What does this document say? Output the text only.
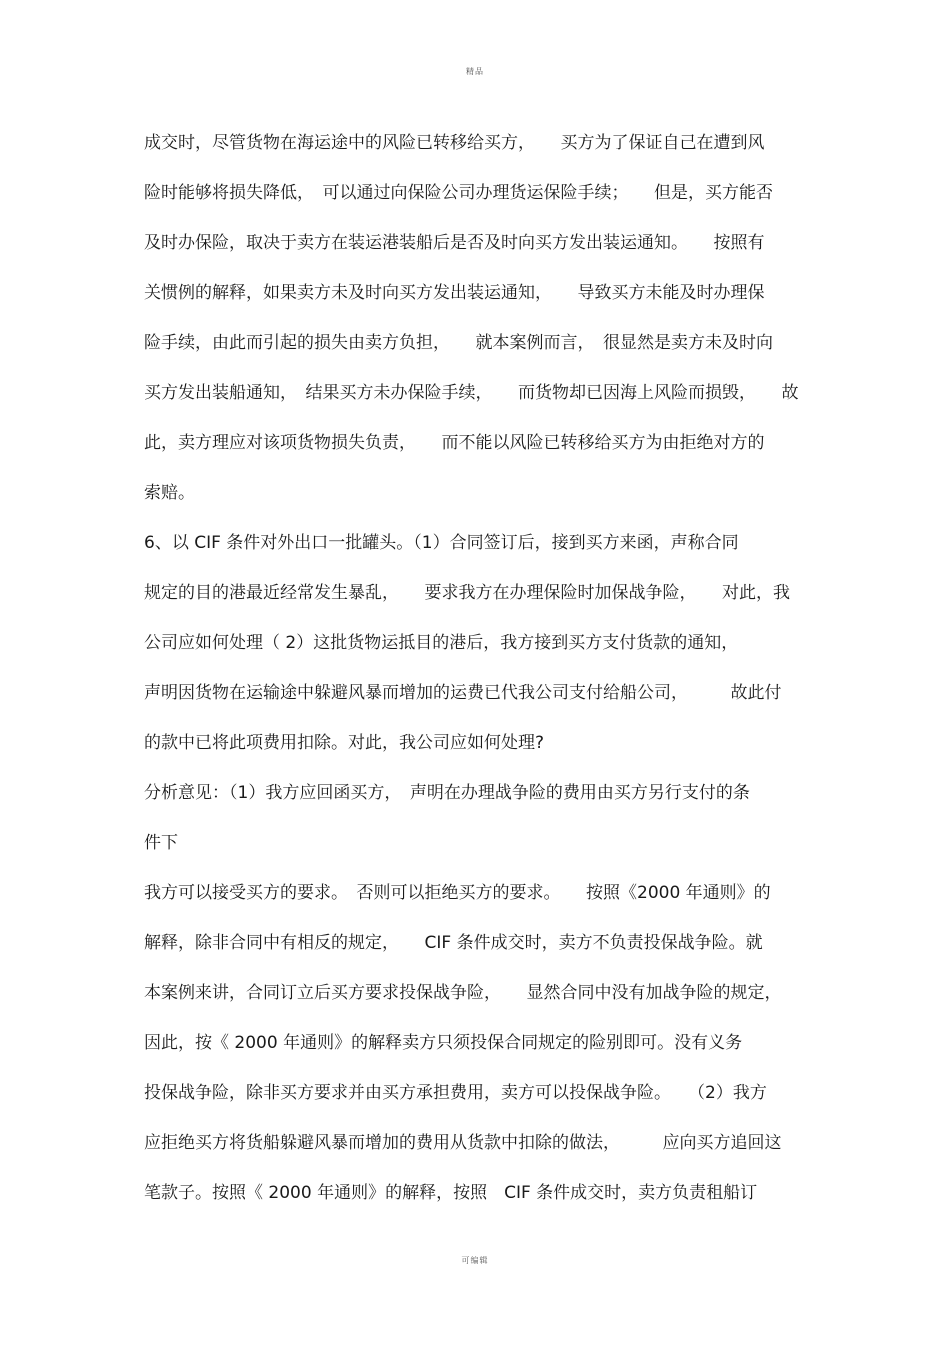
精品
成交时，尽管货物在海运途中的风险已转移给买方，　　买方为了保证自己在遭到风
险时能够将损失降低，　可以通过向保险公司办理货运保险手续；　　但是，买方能否
及时办保险，取决于卖方在装运港装船后是否及时向买方发出装运通知。　　按照有
关惯例的解释，如果卖方未及时向买方发出装运通知，　　导致买方未能及时办理保
险手续，由此而引起的损失由卖方负担，　　就本案例而言，　很显然是卖方未及时向
买方发出装船通知，　结果买方未办保险手续，　　而货物却已因海上风险而损毁，　　故
此，卖方理应对该项货物损失负责，　　而不能以风险已转移给买方为由拒绝对方的
索赔。
6、以 CIF 条件对外出口一批罐头。（1）合同签订后，接到买方来函，声称合同
规定的目的港最近经常发生暴乱，　　要求我方在办理保险时加保战争险，　　对此，我
公司应如何处理（ 2）这批货物运抵目的港后，我方接到买方支付货款的通知，
声明因货物在运输途中躲避风暴而增加的运费已代我公司支付给船公司，　　　故此付
的款中已将此项费用扣除。对此，我公司应如何处理?
分析意见：（1）我方应回函买方，　声明在办理战争险的费用由买方另行支付的条
件下
我方可以接受买方的要求。　否则可以拒绝买方的要求。　　按照《2000 年通则》的
解释，除非合同中有相反的规定，　　CIF 条件成交时，卖方不负责投保战争险。就
本案例来讲，合同订立后买方要求投保战争险，　　显然合同中没有加战争险的规定，
因此，按《 2000 年通则》的解释卖方只须投保合同规定的险别即可。没有义务
投保战争险，除非买方要求并由买方承担费用，卖方可以投保战争险。　　（2）我方
应拒绝买方将货船躲避风暴而增加的费用从货款中扣除的做法，　　　应向买方追回这
笔款子。按照《 2000 年通则》的解释，按照　CIF 条件成交时，卖方负责租船订
可编辑
